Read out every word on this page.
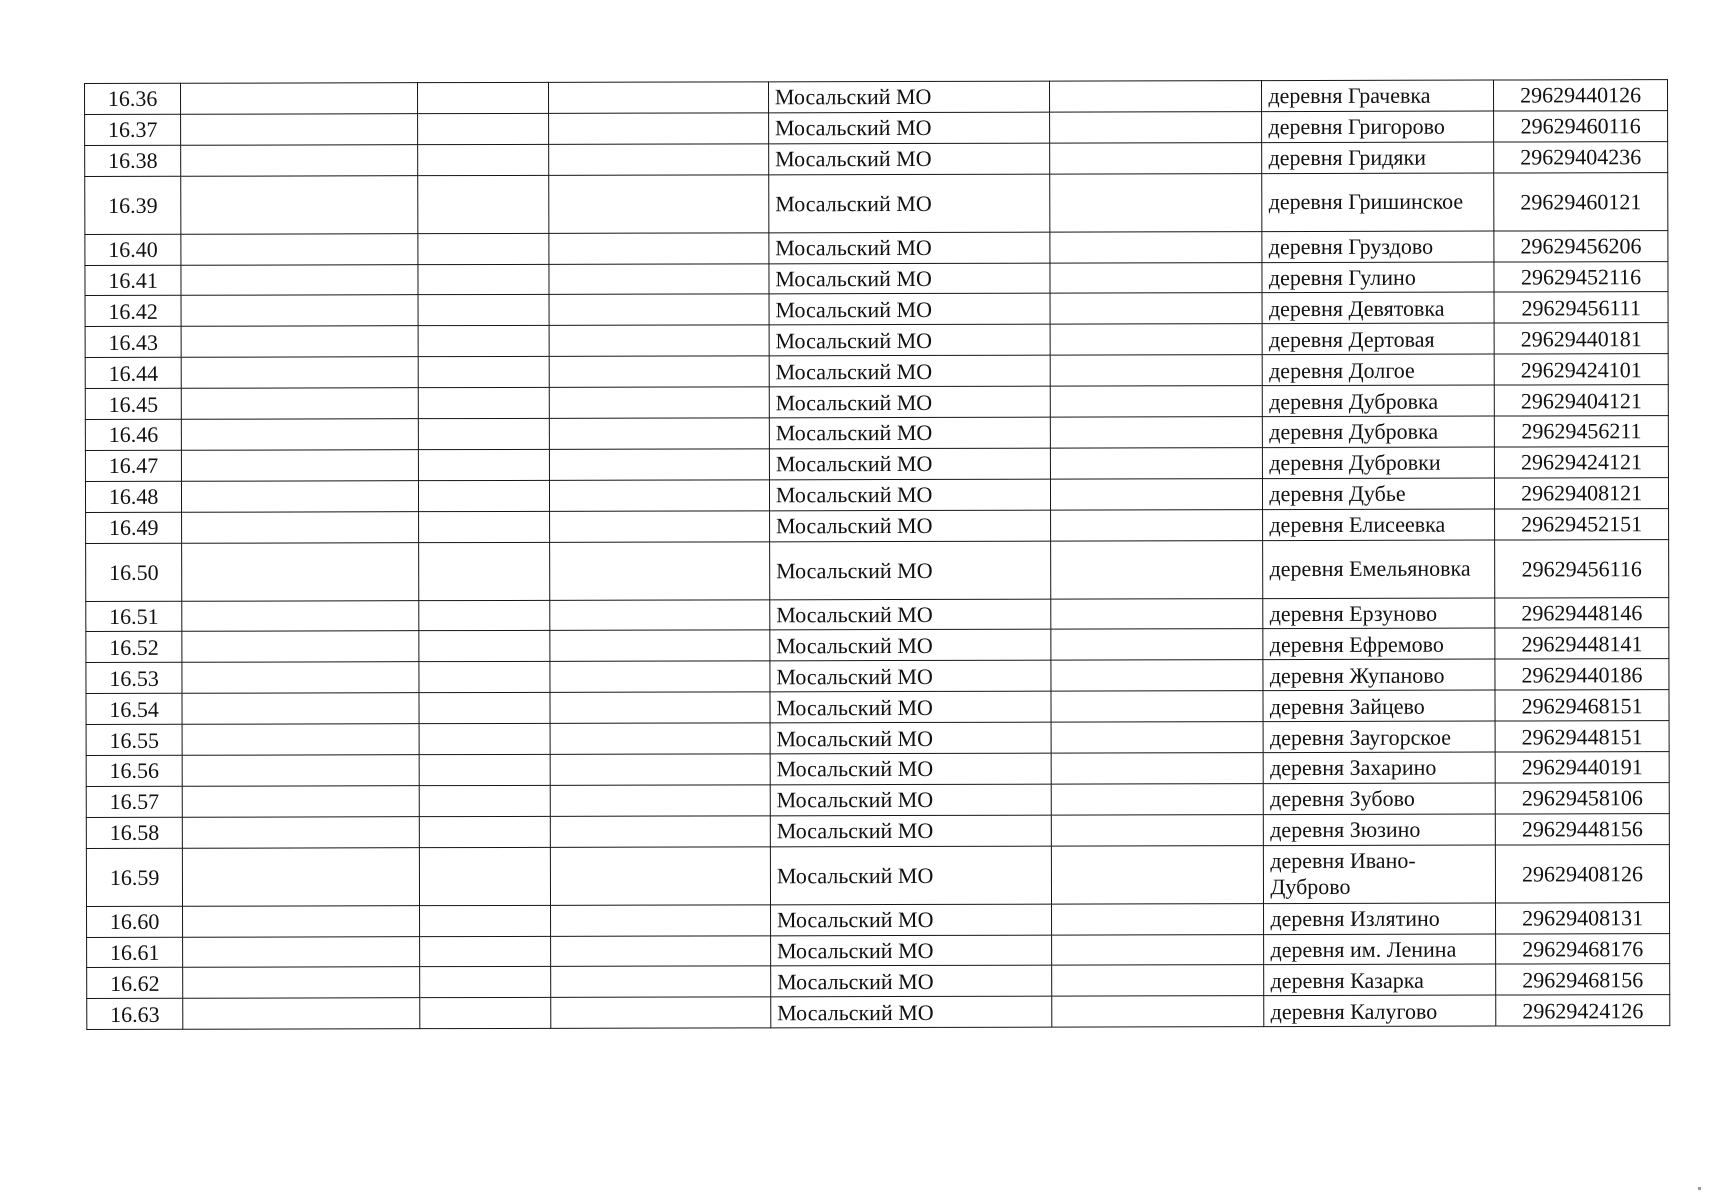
16.36				Мосальский МО		деревня Грачевка	29629440126
16.37				Мосальский МО		деревня Григорово	29629460116
16.38				Мосальский МО		деревня Гридяки	29629404236
16.39				Мосальский МО		деревня Гришинское	29629460121
16.40				Мосальский МО		деревня Груздово	29629456206
16.41				Мосальский МО		деревня Гулино	29629452116
16.42				Мосальский МО		деревня Девятовка	29629456111
16.43				Мосальский МО		деревня Дертовая	29629440181
16.44				Мосальский МО		деревня Долгое	29629424101
16.45				Мосальский МО		деревня Дубровка	29629404121
16.46				Мосальский МО		деревня Дубровка	29629456211
16.47				Мосальский МО		деревня Дубровки	29629424121
16.48				Мосальский МО		деревня Дубье	29629408121
16.49				Мосальский МО		деревня Елисеевка	29629452151
16.50				Мосальский МО		деревня Емельяновка	29629456116
16.51				Мосальский МО		деревня Ерзуново	29629448146
16.52				Мосальский МО		деревня Ефремово	29629448141
16.53				Мосальский МО		деревня Жупаново	29629440186
16.54				Мосальский МО		деревня Зайцево	29629468151
16.55				Мосальский МО		деревня Заугорское	29629448151
16.56				Мосальский МО		деревня Захарино	29629440191
16.57				Мосальский МО		деревня Зубово	29629458106
16.58				Мосальский МО		деревня Зюзино	29629448156
16.59				Мосальский МО		деревня Ивано-Дуброво	29629408126
16.60				Мосальский МО		деревня Излятино	29629408131
16.61				Мосальский МО		деревня им. Ленина	29629468176
16.62				Мосальский МО		деревня Казарка	29629468156
16.63				Мосальский МО		деревня Калугово	29629424126
